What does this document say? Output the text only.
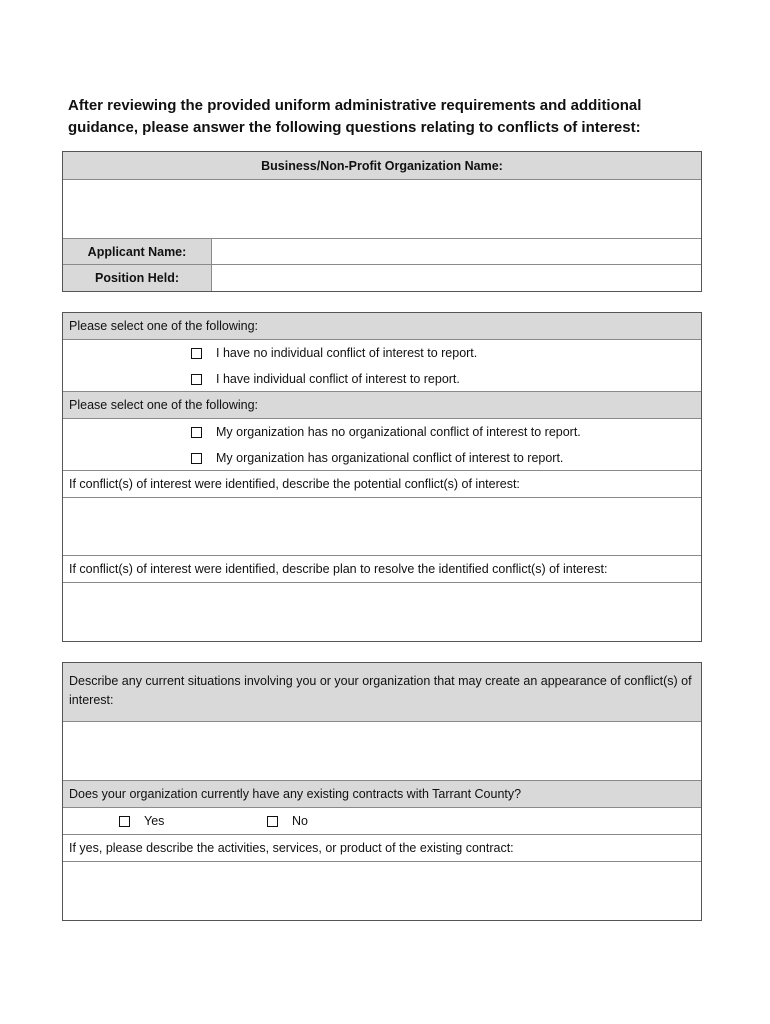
After reviewing the provided uniform administrative requirements and additional guidance, please answer the following questions relating to conflicts of interest:

Business/Non-Profit Organization Name:
Applicant Name:
Position Held:
Please select one of the following:
I have no individual conflict of interest to report.
I have individual conflict of interest to report.
Please select one of the following:
My organization has no organizational conflict of interest to report.
My organization has organizational conflict of interest to report.
If conflict(s) of interest were identified, describe the potential conflict(s) of interest:
If conflict(s) of interest were identified, describe plan to resolve the identified conflict(s) of interest:
Describe any current situations involving you or your organization that may create an appearance of conflict(s) of interest:
Does your organization currently have any existing contracts with Tarrant County?
Yes	No
If yes, please describe the activities, services, or product of the existing contract:
